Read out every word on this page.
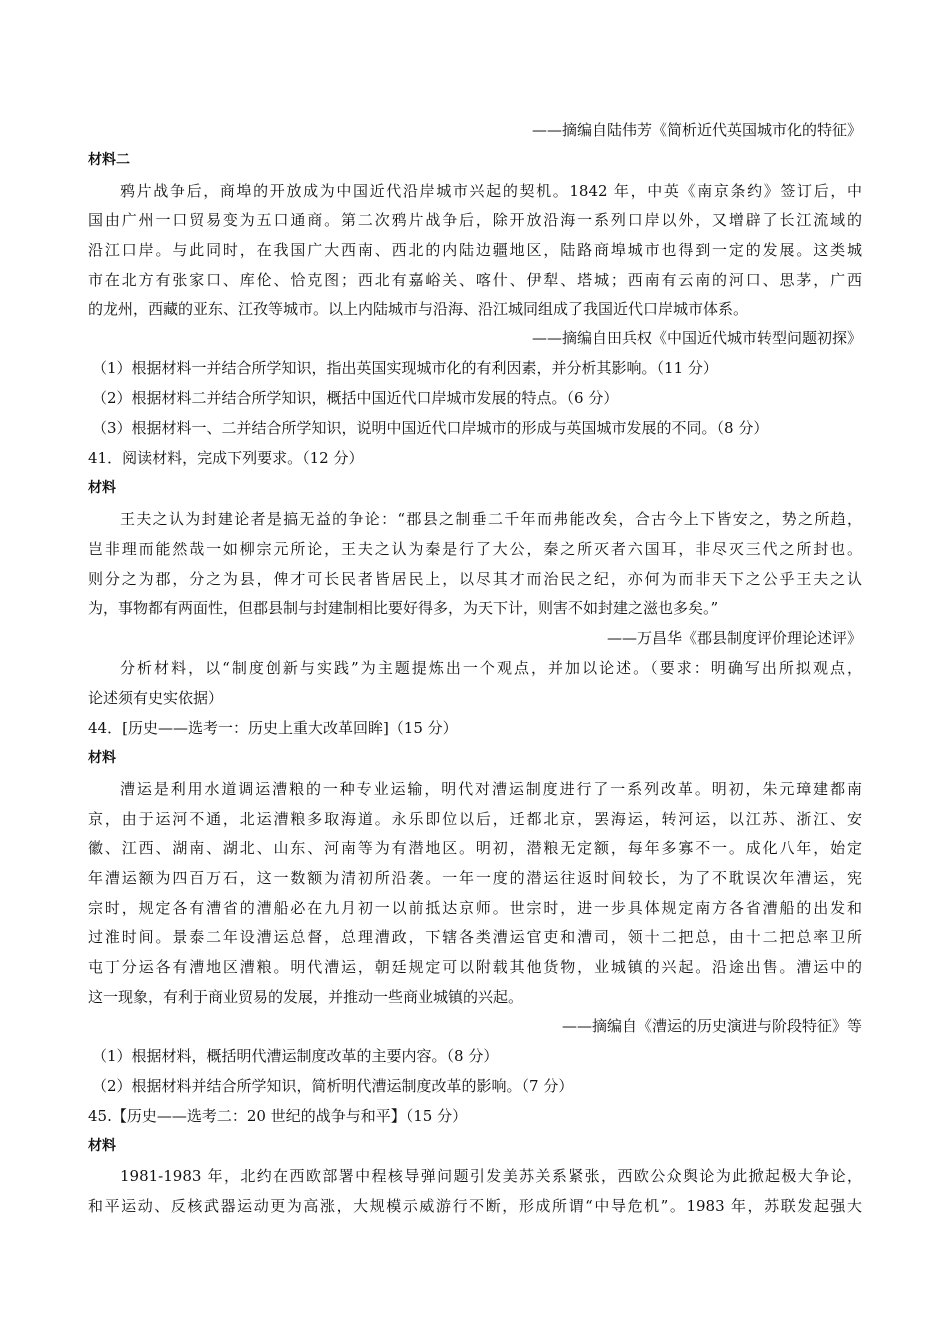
——摘编自陆伟芳《简析近代英国城市化的特征》
材料二
鸦片战争后，商埠的开放成为中国近代沿岸城市兴起的契机。1842 年，中英《南京条约》签订后，中
国由广州一口贸易变为五口通商。第二次鸦片战争后，除开放沿海一系列口岸以外，又增辟了长江流域的
沿江口岸。与此同时，在我国广大西南、西北的内陆边疆地区，陆路商埠城市也得到一定的发展。这类城
市在北方有张家口、库伦、恰克图；西北有嘉峪关、喀什、伊犁、塔城；西南有云南的河口、思茅，广西
的龙州，西藏的亚东、江孜等城市。以上内陆城市与沿海、沿江城同组成了我国近代口岸城市体系。
——摘编自田兵权《中国近代城市转型问题初探》
（1）根据材料一并结合所学知识，指出英国实现城市化的有利因素，并分析其影响。（11 分）
（2）根据材料二并结合所学知识，概括中国近代口岸城市发展的特点。（6 分）
（3）根据材料一、二并结合所学知识，说明中国近代口岸城市的形成与英国城市发展的不同。（8 分）
41．阅读材料，完成下列要求。（12 分）
材料
王夫之认为封建论者是搞无益的争论：“郡县之制垂二千年而弗能改矣，合古今上下皆安之，势之所趋，
岂非理而能然哉一如柳宗元所论，王夫之认为秦是行了大公，秦之所灭者六国耳，非尽灭三代之所封也。
则分之为郡，分之为县，俾才可长民者皆居民上，以尽其才而治民之纪，亦何为而非天下之公乎王夫之认
为，事物都有两面性，但郡县制与封建制相比要好得多，为天下计，则害不如封建之滋也多矣。”
——万昌华《郡县制度评价理论述评》
分析材料，以“制度创新与实践”为主题提炼出一个观点，并加以论述。（要求：明确写出所拟观点，
论述须有史实依据）
44．[历史——选考一：历史上重大改革回眸]（15 分）
材料
漕运是利用水道调运漕粮的一种专业运输，明代对漕运制度进行了一系列改革。明初，朱元璋建都南
京，由于运河不通，北运漕粮多取海道。永乐即位以后，迁都北京，罢海运，转河运，以江苏、浙江、安
徽、江西、湖南、湖北、山东、河南等为有潜地区。明初，潜粮无定额，每年多寡不一。成化八年，始定
年漕运额为四百万石，这一数额为清初所沿袭。一年一度的潜运往返时间较长，为了不耽误次年漕运，宪
宗时，规定各有漕省的漕船必在九月初一以前抵达京师。世宗时，进一步具体规定南方各省漕船的出发和
过淮时间。景泰二年设漕运总督，总理漕政，下辖各类漕运官吏和漕司，领十二把总，由十二把总率卫所
屯丁分运各有漕地区漕粮。明代漕运，朝廷规定可以附载其他货物，业城镇的兴起。沿途出售。漕运中的
这一现象，有利于商业贸易的发展，并推动一些商业城镇的兴起。
——摘编自《漕运的历史演进与阶段特征》等
（1）根据材料，概括明代漕运制度改革的主要内容。（8 分）
（2）根据材料并结合所学知识，简析明代漕运制度改革的影响。（7 分）
45.【历史——选考二：20 世纪的战争与和平】（15 分）
材料
1981-1983 年，北约在西欧部署中程核导弹问题引发美苏关系紧张，西欧公众舆论为此掀起极大争论，
和平运动、反核武器运动更为高涨，大规模示威游行不断，形成所谓“中导危机”。1983 年，苏联发起强大
